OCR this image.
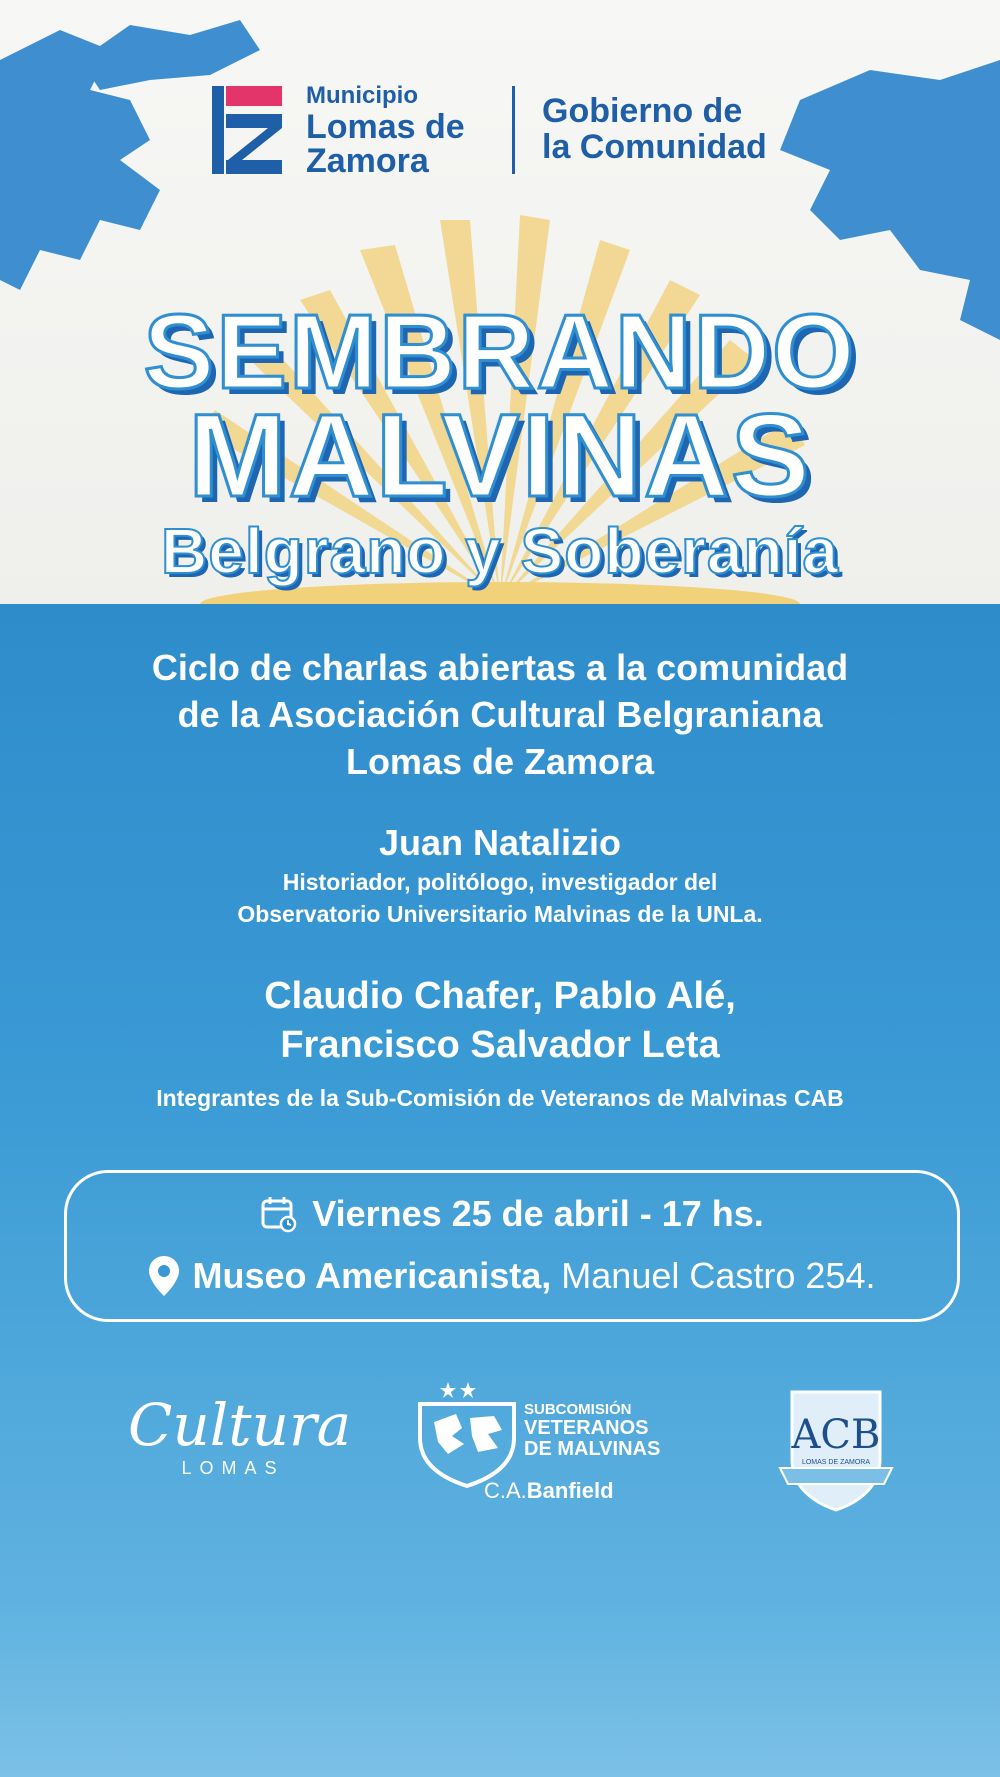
Municipio
Lomas de
Zamora
Gobierno de
la Comunidad
SEMBRANDO
MALVINAS
Belgrano y Soberanía
Ciclo de charlas abiertas a la comunidad
de la Asociación Cultural Belgraniana
Lomas de Zamora
Juan Natalizio
Historiador, politólogo, investigador del
Observatorio Universitario Malvinas de la UNLa.
Claudio Chafer, Pablo Alé,
Francisco Salvador Leta
Integrantes de la Sub-Comisión de Veteranos de Malvinas CAB
Viernes 25 de abril - 17 hs.
Museo Americanista, Manuel Castro 254.
Cultura
LOMAS
SUBCOMISIÓN
VETERANOS
DE MALVINAS
C.A.Banfield
ACB
LOMAS DE ZAMORA
